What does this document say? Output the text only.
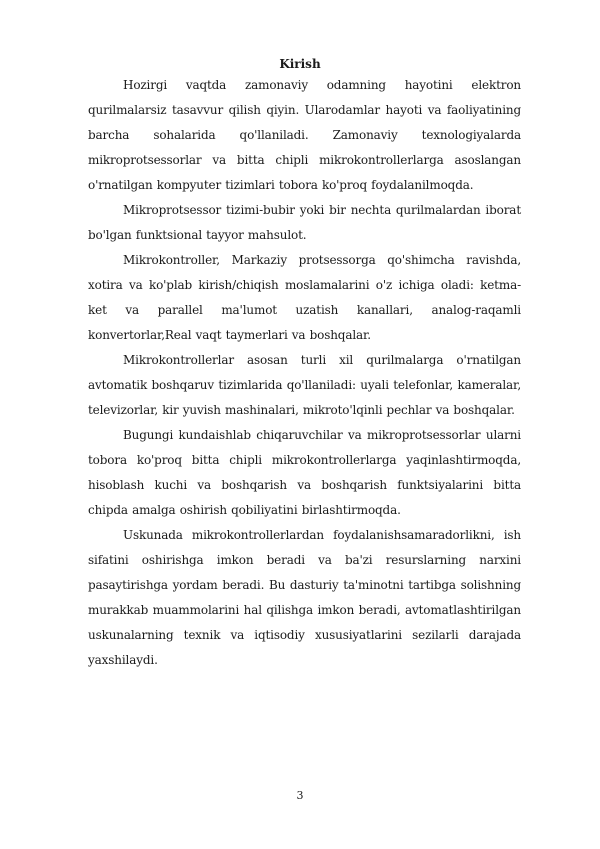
Kirish

Hozirgi vaqtda zamonaviy odamning hayotini elektron qurilmalarsiz tasavvur qilish qiyin. Ularodamlar hayoti va faoliyatining barcha sohalarida qo'llaniladi. Zamonaviy texnologiyalarda mikroprotsessorlar va bitta chipli mikrokontrollerlarga asoslangan o'rnatilgan kompyuter tizimlari tobora ko'proq foydalanilmoqda.

Mikroprotsessor tizimi-bubir yoki bir nechta qurilmalardan iborat bo'lgan funktsional tayyor mahsulot.

Mikrokontroller, Markaziy protsessorga qo'shimcha ravishda, xotira va ko'plab kirish/chiqish moslamalarini o'z ichiga oladi: ketma-ket va parallel ma'lumot uzatish kanallari, analog-raqamli konvertorlar,Real vaqt taymerlari va boshqalar.

Mikrokontrollerlar asosan turli xil qurilmalarga o'rnatilgan avtomatik boshqaruv tizimlarida qo'llaniladi: uyali telefonlar, kameralar, televizorlar, kir yuvish mashinalari, mikroto'lqinli pechlar va boshqalar.

Bugungi kundaishlab chiqaruvchilar va mikroprotsessorlar ularni tobora ko'proq bitta chipli mikrokontrollerlarga yaqinlashtirmoqda, hisoblash kuchi va boshqarish va boshqarish funktsiyalarini bitta chipda amalga oshirish qobiliyatini birlashtirmoqda.

Uskunada mikrokontrollerlardan foydalanishsamaradorlikni, ish sifatini oshirishga imkon beradi va ba'zi resurslarning narxini pasaytirishga yordam beradi. Bu dasturiy ta'minotni tartibga solishning murakkab muammolarini hal qilishga imkon beradi, avtomatlashtirilgan uskunalarning texnik va iqtisodiy xususiyatlarini sezilarli darajada yaxshilaydi.

3
